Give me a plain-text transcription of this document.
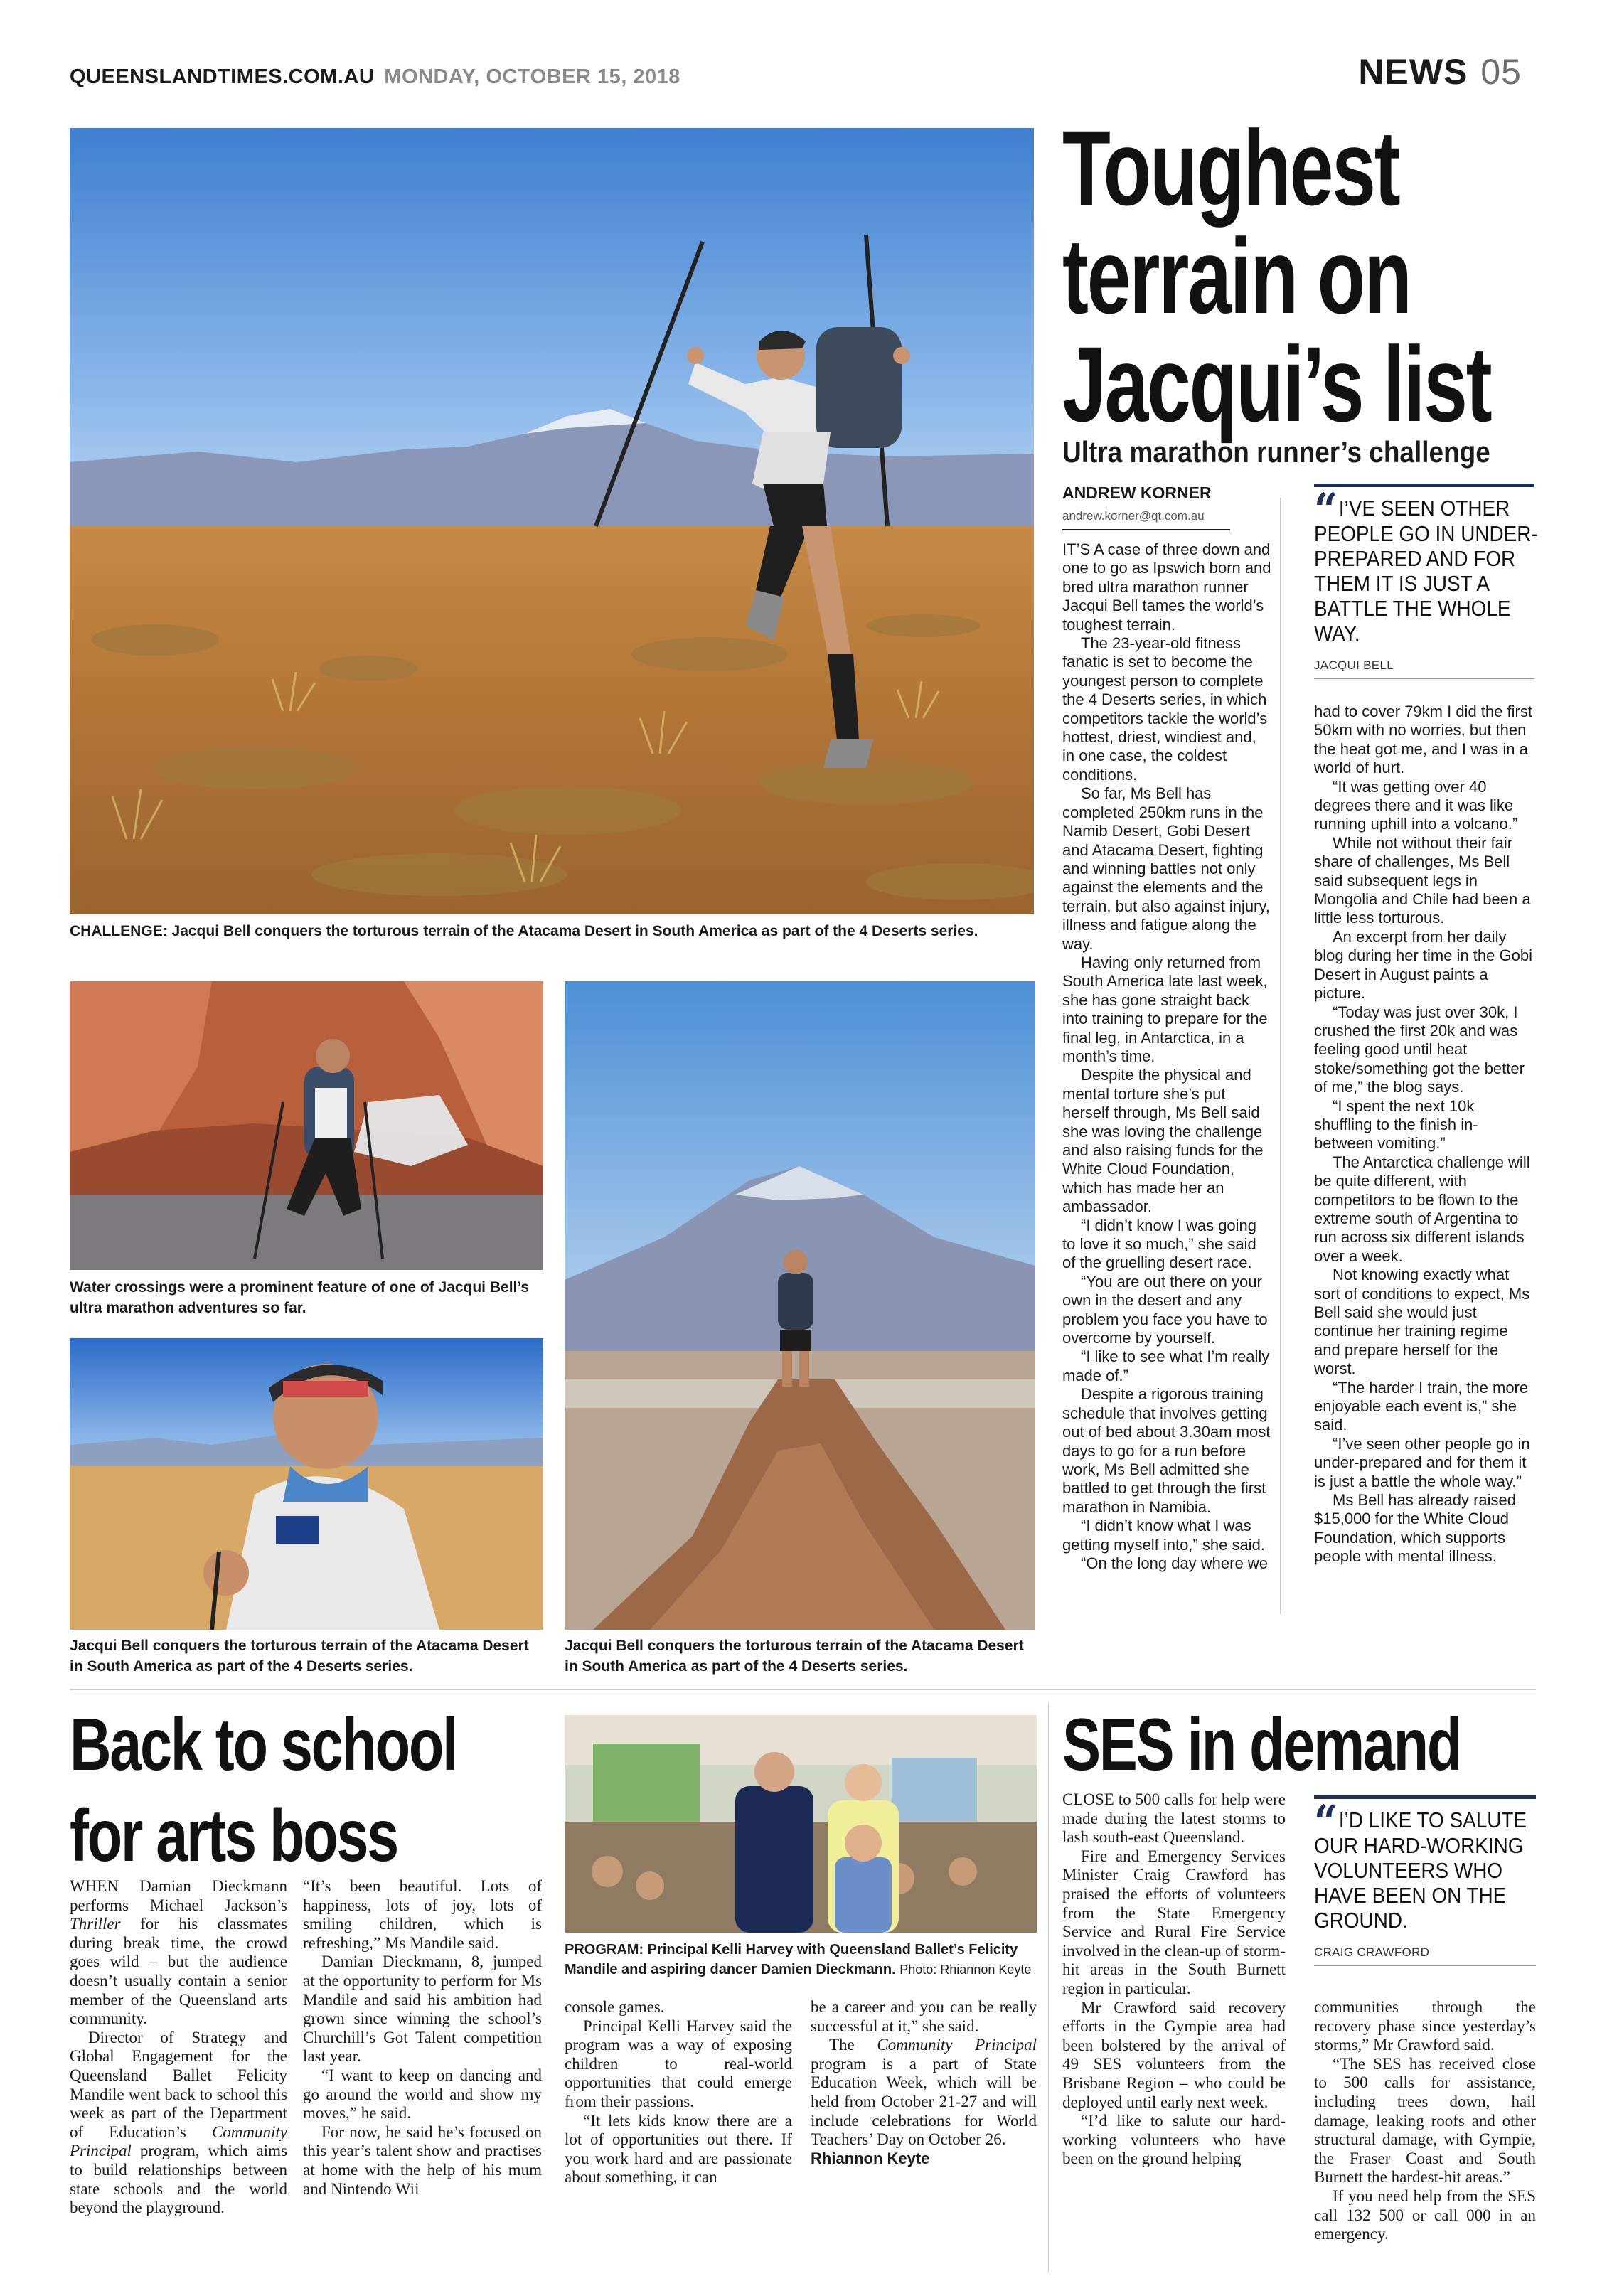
QUEENSLANDTIMES.COM.AU MONDAY, OCTOBER 15, 2018	NEWS 05
CHALLENGE: Jacqui Bell conquers the torturous terrain of the Atacama Desert in South America as part of the 4 Deserts series.
Water crossings were a prominent feature of one of Jacqui Bell’s ultra marathon adventures so far.
Jacqui Bell conquers the torturous terrain of the Atacama Desert in South America as part of the 4 Deserts series.
Jacqui Bell conquers the torturous terrain of the Atacama Desert in South America as part of the 4 Deserts series.
Toughest
terrain on
Jacqui’s list
Ultra marathon runner’s challenge
ANDREW KORNER
andrew.korner@qt.com.au

IT’S A case of three down and one to go as Ipswich born and bred ultra marathon runner Jacqui Bell tames the world’s toughest terrain.

The 23-year-old fitness fanatic is set to become the youngest person to complete the 4 Deserts series, in which competitors tackle the world’s hottest, driest, windiest and, in one case, the coldest conditions.

So far, Ms Bell has completed 250km runs in the Namib Desert, Gobi Desert and Atacama Desert, fighting and winning battles not only against the elements and the terrain, but also against injury, illness and fatigue along the way.

Having only returned from South America late last week, she has gone straight back into training to prepare for the final leg, in Antarctica, in a month’s time.

Despite the physical and mental torture she’s put herself through, Ms Bell said she was loving the challenge and also raising funds for the White Cloud Foundation, which has made her an ambassador.

“I didn’t know I was going to love it so much,” she said of the gruelling desert race.

“You are out there on your own in the desert and any problem you face you have to overcome by yourself.

“I like to see what I’m really made of.”

Despite a rigorous training schedule that involves getting out of bed about 3.30am most days to go for a run before work, Ms Bell admitted she battled to get through the first marathon in Namibia.

“I didn’t know what I was getting myself into,” she said.

“On the long day where we

“ I’VE SEEN OTHER PEOPLE GO IN UNDER-PREPARED AND FOR THEM IT IS JUST A BATTLE THE WHOLE WAY.
JACQUI BELL

had to cover 79km I did the first 50km with no worries, but then the heat got me, and I was in a world of hurt.

“It was getting over 40 degrees there and it was like running uphill into a volcano.”

While not without their fair share of challenges, Ms Bell said subsequent legs in Mongolia and Chile had been a little less torturous.

An excerpt from her daily blog during her time in the Gobi Desert in August paints a picture.

“Today was just over 30k, I crushed the first 20k and was feeling good until heat stoke/something got the better of me,” the blog says.

“I spent the next 10k shuffling to the finish in-between vomiting.”

The Antarctica challenge will be quite different, with competitors to be flown to the extreme south of Argentina to run across six different islands over a week.

Not knowing exactly what sort of conditions to expect, Ms Bell said she would just continue her training regime and prepare herself for the worst.

“The harder I train, the more enjoyable each event is,” she said.

“I’ve seen other people go in under-prepared and for them it is just a battle the whole way.”

Ms Bell has already raised $15,000 for the White Cloud Foundation, which supports people with mental illness.

Back to school
for arts boss

WHEN Damian Dieckmann performs Michael Jackson’s Thriller for his classmates during break time, the crowd goes wild – but the audience doesn’t usually contain a senior member of the Queensland arts community.

Director of Strategy and Global Engagement for the Queensland Ballet Felicity Mandile went back to school this week as part of the Department of Education’s Community Principal program, which aims to build relationships between state schools and the world beyond the playground.

“It’s been beautiful. Lots of happiness, lots of joy, lots of smiling children, which is refreshing,” Ms Mandile said.

Damian Dieckmann, 8, jumped at the opportunity to perform for Ms Mandile and said his ambition had grown since winning the school’s Churchill’s Got Talent competition last year.

“I want to keep on dancing and go around the world and show my moves,” he said.

For now, he said he’s focused on this year’s talent show and practises at home with the help of his mum and Nintendo Wii

PROGRAM: Principal Kelli Harvey with Queensland Ballet’s Felicity Mandile and aspiring dancer Damien Dieckmann. Photo: Rhiannon Keyte

console games.

Principal Kelli Harvey said the program was a way of exposing children to real-world opportunities that could emerge from their passions.

“It lets kids know there are a lot of opportunities out there. If you work hard and are passionate about something, it can

be a career and you can be really successful at it,” she said.

The Community Principal program is a part of State Education Week, which will be held from October 21-27 and will include celebrations for World Teachers’ Day on October 26.

Rhiannon Keyte

SES in demand

CLOSE to 500 calls for help were made during the latest storms to lash south-east Queensland.

Fire and Emergency Services Minister Craig Crawford has praised the efforts of volunteers from the State Emergency Service and Rural Fire Service involved in the clean-up of storm-hit areas in the South Burnett region in particular.

Mr Crawford said recovery efforts in the Gympie area had been bolstered by the arrival of 49 SES volunteers from the Brisbane Region – who could be deployed until early next week.

“I’d like to salute our hard-working volunteers who have been on the ground helping

“ I’D LIKE TO SALUTE OUR HARD-WORKING VOLUNTEERS WHO HAVE BEEN ON THE GROUND.
CRAIG CRAWFORD

communities through the recovery phase since yesterday’s storms,” Mr Crawford said.

“The SES has received close to 500 calls for assistance, including trees down, hail damage, leaking roofs and other structural damage, with Gympie, the Fraser Coast and South Burnett the hardest-hit areas.”

If you need help from the SES call 132 500 or call 000 in an emergency.
